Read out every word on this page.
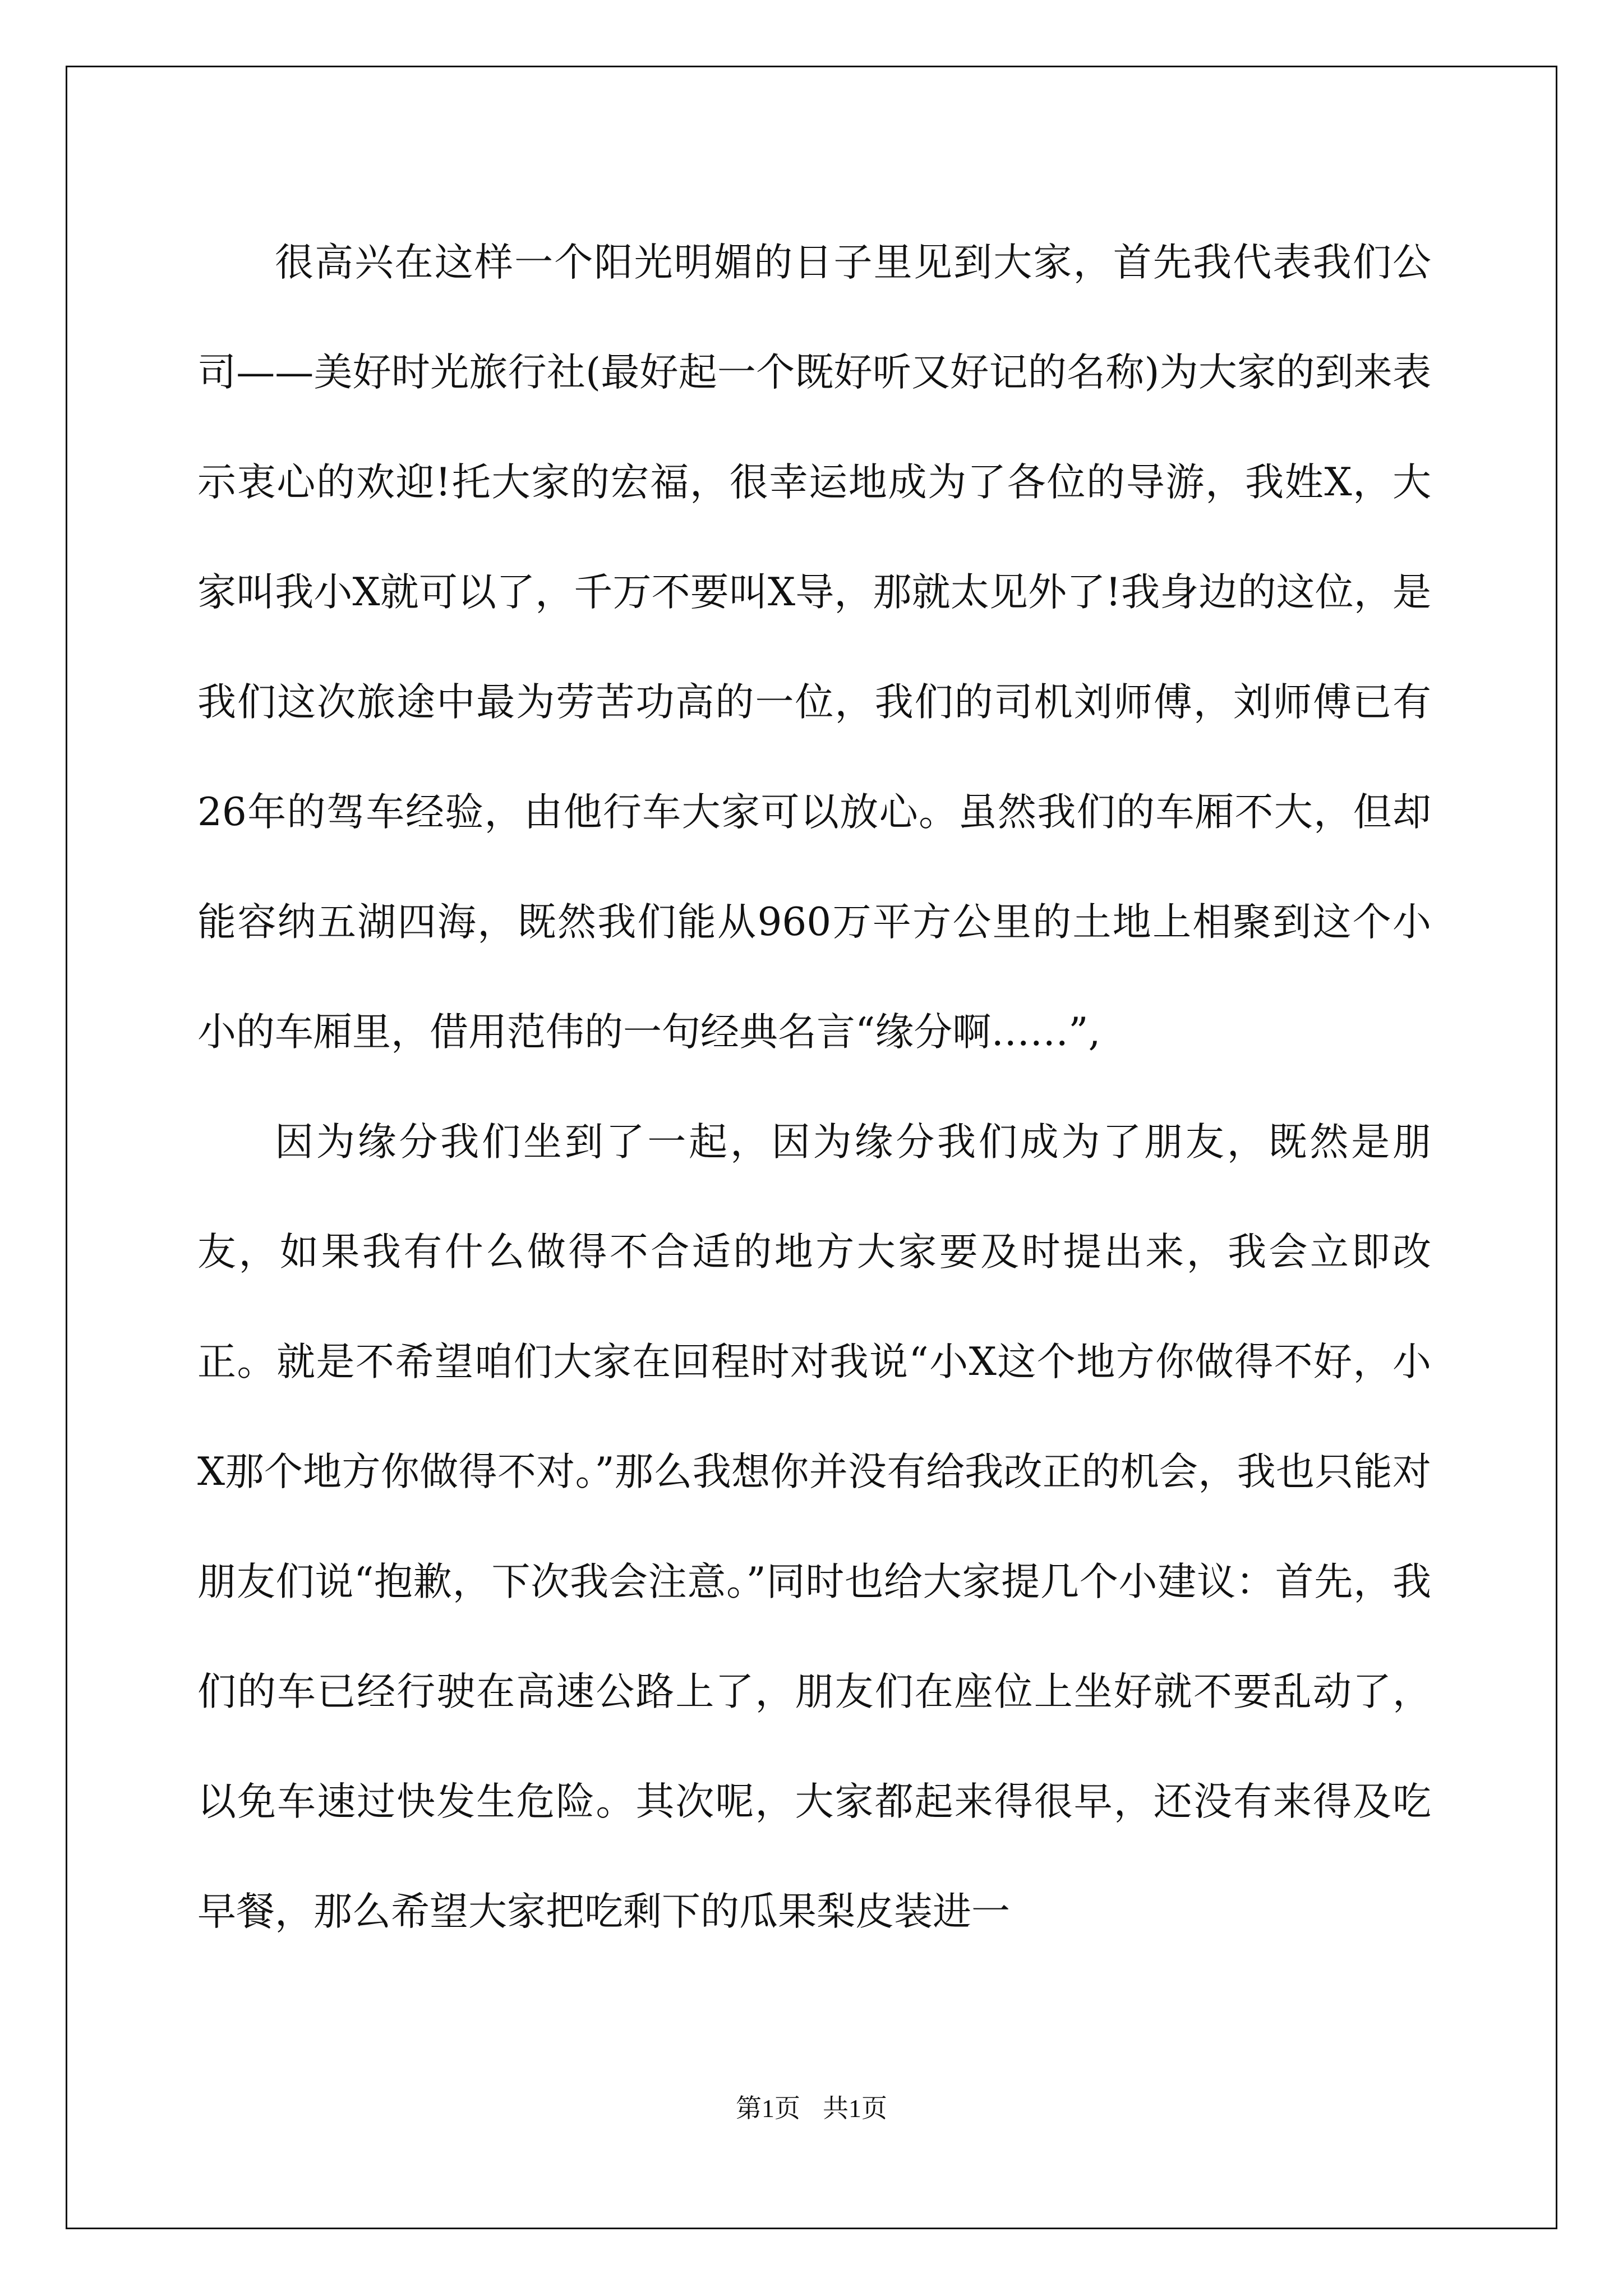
很高兴在这样一个阳光明媚的日子里见到大家，首先我代表我们公司——美好时光旅行社(最好起一个既好听又好记的名称)为大家的到来表示衷心的欢迎!托大家的宏福，很幸运地成为了各位的导游，我姓X，大家叫我小X就可以了，千万不要叫X导，那就太见外了!我身边的这位，是我们这次旅途中最为劳苦功高的一位，我们的司机刘师傅，刘师傅已有26年的驾车经验，由他行车大家可以放心。虽然我们的车厢不大，但却能容纳五湖四海，既然我们能从960万平方公里的土地上相聚到这个小小的车厢里，借用范伟的一句经典名言“缘分啊……”,

因为缘分我们坐到了一起，因为缘分我们成为了朋友，既然是朋友，如果我有什么做得不合适的地方大家要及时提出来，我会立即改正。就是不希望咱们大家在回程时对我说“小X这个地方你做得不好，小X那个地方你做得不对。”那么我想你并没有给我改正的机会，我也只能对朋友们说“抱歉，下次我会注意。”同时也给大家提几个小建议：首先，我们的车已经行驶在高速公路上了，朋友们在座位上坐好就不要乱动了，以免车速过快发生危险。其次呢，大家都起来得很早，还没有来得及吃早餐，那么希望大家把吃剩下的瓜果梨皮装进一

第1页 共1页
